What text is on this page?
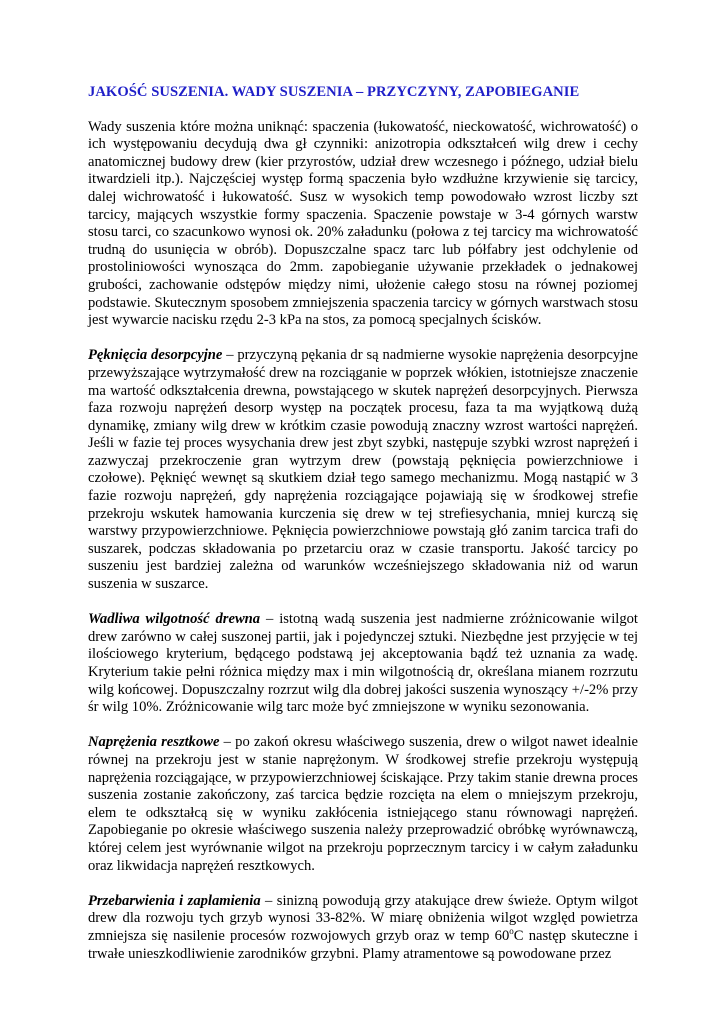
JAKOŚĆ SUSZENIA. WADY SUSZENIA – PRZYCZYNY, ZAPOBIEGANIE

Wady suszenia które można uniknąć: spaczenia (łukowatość, nieckowatość, wichrowatość) o ich występowaniu decydują dwa gł czynniki: anizotropia odkształceń wilg drew i cechy anatomicznej budowy drew (kier przyrostów, udział drew wczesnego i późnego, udział bielu itwardzieli itp.). Najczęściej występ formą spaczenia było wzdłużne krzywienie się tarcicy, dalej wichrowatość i łukowatość. Susz w wysokich temp powodowało wzrost liczby szt tarcicy, mających wszystkie formy spaczenia. Spaczenie powstaje w 3-4 górnych warstw stosu tarci, co szacunkowo wynosi ok. 20% załadunku (połowa z tej tarcicy ma wichrowatość trudną do usunięcia w obrób). Dopuszczalne spacz tarc lub półfabry jest odchylenie od prostoliniowości wynosząca do 2mm. zapobieganie używanie przekładek o jednakowej grubości, zachowanie odstępów między nimi, ułożenie całego stosu na równej poziomej podstawie. Skutecznym sposobem zmniejszenia spaczenia tarcicy w górnych warstwach stosu jest wywarcie nacisku rzędu 2-3 kPa na stos, za pomocą specjalnych ścisków.

Pęknięcia desorpcyjne – przyczyną pękania dr są nadmierne wysokie naprężenia desorpcyjne przewyższające wytrzymałość drew na rozciąganie w poprzek włókien, istotniejsze znaczenie ma wartość odkształcenia drewna, powstającego w skutek naprężeń desorpcyjnych. Pierwsza faza rozwoju naprężeń desorp występ na początek procesu, faza ta ma wyjątkową dużą dynamikę, zmiany wilg drew w krótkim czasie powodują znaczny wzrost wartości naprężeń. Jeśli w fazie tej proces wysychania drew jest zbyt szybki, następuje szybki wzrost naprężeń i zazwyczaj przekroczenie gran wytrzym drew (powstają pęknięcia powierzchniowe i czołowe). Pęknięć wewnęt są skutkiem dział tego samego mechanizmu. Mogą nastąpić w 3 fazie rozwoju naprężeń, gdy naprężenia rozciągające pojawiają się w środkowej strefie przekroju wskutek hamowania kurczenia się drew w tej strefiesychania, mniej kurczą się warstwy przypowierzchniowe. Pęknięcia powierzchniowe powstają głó zanim tarcica trafi do suszarek, podczas składowania po przetarciu oraz w czasie transportu. Jakość tarcicy po suszeniu jest bardziej zależna od warunków wcześniejszego składowania niż od warun suszenia w suszarce.

Wadliwa wilgotność drewna – istotną wadą suszenia jest nadmierne zróżnicowanie wilgot drew zarówno w całej suszonej partii, jak i pojedynczej sztuki. Niezbędne jest przyjęcie w tej ilościowego kryterium, będącego podstawą jej akceptowania bądź też uznania za wadę. Kryterium takie pełni różnica między max i min wilgotnością dr, określana mianem rozrzutu wilg końcowej. Dopuszczalny rozrzut wilg dla dobrej jakości suszenia wynoszący +/-2% przy śr wilg 10%. Zróżnicowanie wilg tarc może być zmniejszone w wyniku sezonowania.

Naprężenia resztkowe – po zakoń okresu właściwego suszenia, drew o wilgot nawet idealnie równej na przekroju jest w stanie naprężonym. W środkowej strefie przekroju występują naprężenia rozciągające, w przypowierzchniowej ściskające. Przy takim stanie drewna proces suszenia zostanie zakończony, zaś tarcica będzie rozcięta na elem o mniejszym przekroju, elem te odkształcą się w wyniku zakłócenia istniejącego stanu równowagi naprężeń. Zapobieganie po okresie właściwego suszenia należy przeprowadzić obróbkę wyrównawczą, której celem jest wyrównanie wilgot na przekroju poprzecznym tarcicy i w całym załadunku oraz likwidacja naprężeń resztkowych.

Przebarwienia i zaplamienia – sinizną powodują grzy atakujące drew świeże. Optym wilgot drew dla rozwoju tych grzyb wynosi 33-82%. W miarę obniżenia wilgot względ powietrza zmniejsza się nasilenie procesów rozwojowych grzyb oraz w temp 60$^o$C następ skuteczne i trwałe unieszkodliwienie zarodników grzybni. Plamy atramentowe są powodowane przez
